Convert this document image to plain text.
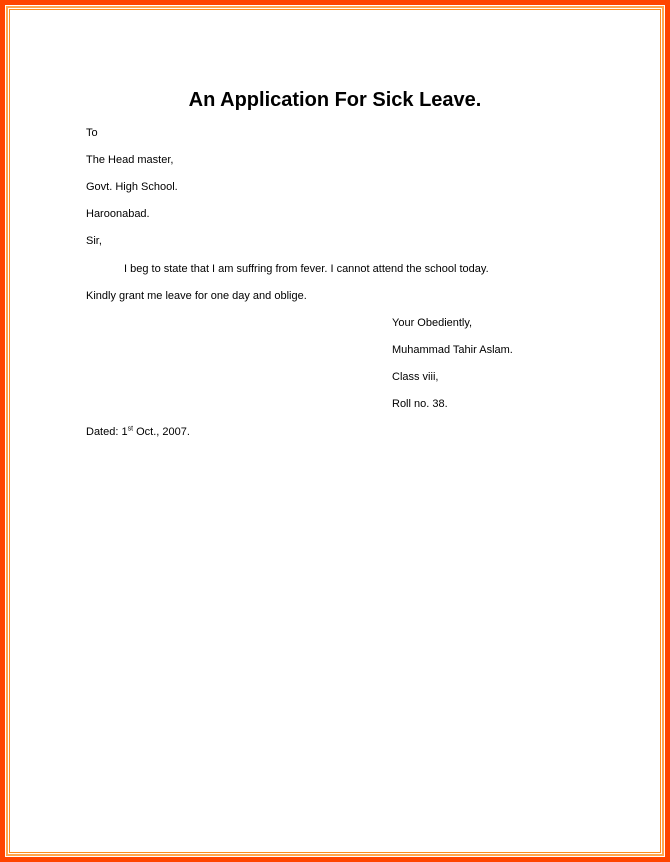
An Application For Sick Leave.

To

The Head master,

Govt. High School.

Haroonabad.

Sir,

I beg to state that I am suffring from fever. I cannot attend the school today.

Kindly grant me leave for one day and oblige.

Your Obediently,

Muhammad Tahir Aslam.

Class viii,

Roll no. 38.

Dated: 1st Oct., 2007.
